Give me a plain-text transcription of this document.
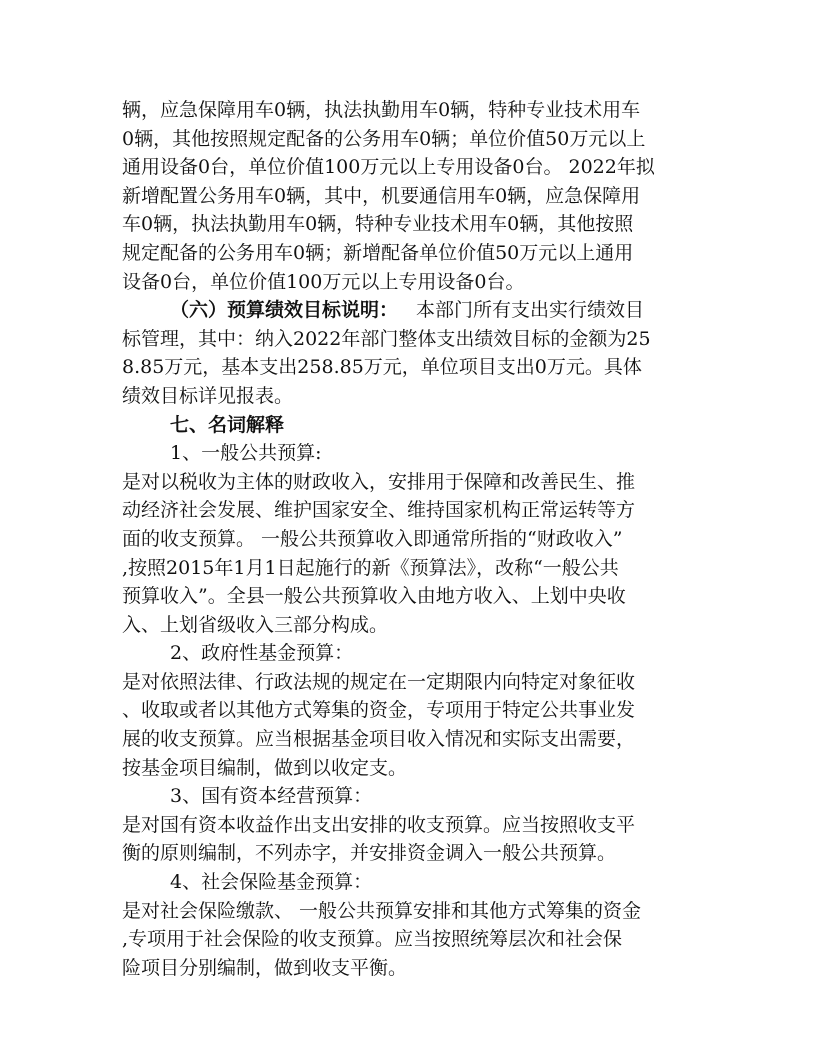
辆，应急保障用车0辆，执法执勤用车0辆，特种专业技术用车
0辆，其他按照规定配备的公务用车0辆；单位价值50万元以上
通用设备0台，单位价值100万元以上专用设备0台。 2022年拟
新增配置公务用车0辆，其中，机要通信用车0辆，应急保障用
车0辆，执法执勤用车0辆，特种专业技术用车0辆，其他按照
规定配备的公务用车0辆；新增配备单位价值50万元以上通用
设备0台，单位价值100万元以上专用设备0台。
（六）预算绩效目标说明： 本部门所有支出实行绩效目
标管理，其中：纳入2022年部门整体支出绩效目标的金额为25
8.85万元，基本支出258.85万元，单位项目支出0万元。具体
绩效目标详见报表。
七、名词解释
1、一般公共预算:
是对以税收为主体的财政收入，安排用于保障和改善民生、推
动经济社会发展、维护国家安全、维持国家机构正常运转等方
面的收支预算。 一般公共预算收入即通常所指的“财政收入”
,按照2015年1月1日起施行的新《预算法》，改称“一般公共
预算收入”。全县一般公共预算收入由地方收入、上划中央收
入、上划省级收入三部分构成。
2、政府性基金预算：
是对依照法律、行政法规的规定在一定期限内向特定对象征收
、收取或者以其他方式筹集的资金，专项用于特定公共事业发
展的收支预算。应当根据基金项目收入情况和实际支出需要，
按基金项目编制，做到以收定支。
3、国有资本经营预算：
是对国有资本收益作出支出安排的收支预算。应当按照收支平
衡的原则编制，不列赤字，并安排资金调入一般公共预算。
4、社会保险基金预算：
是对社会保险缴款、 一般公共预算安排和其他方式筹集的资金
,专项用于社会保险的收支预算。应当按照统筹层次和社会保
险项目分别编制，做到收支平衡。
